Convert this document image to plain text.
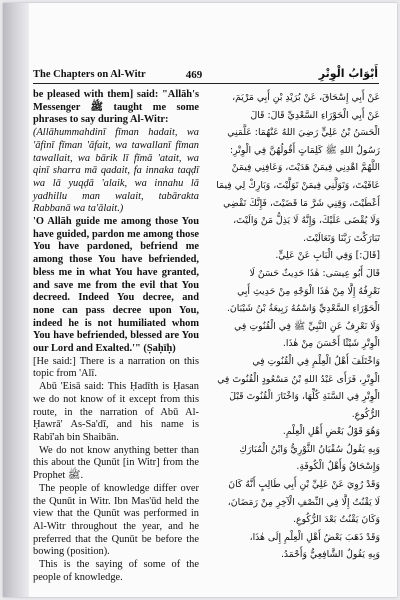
The Chapters on Al-Witr	469	أَبْوَابُ الْوِتْرِ

be pleased with them] said: "Allāh's Messenger ﷺ taught me some phrases to say during Al-Witr:

(Allāhummahdinī fīman hadait, wa 'āfinī fīman 'āfait, wa tawallanī fīman tawallait, wa bārik lī fīmā 'atait, wa qinī sharra mā qadait, fa innaka taqḍī wa lā yuqḍā 'alaik, wa innahu lā yadhillu man walait, tabārakta Rabbanā wa ta'ālait.)

'O Allāh guide me among those You have guided, pardon me among those You have pardoned, befriend me among those You have befriended, bless me in what You have granted, and save me from the evil that You decreed. Indeed You decree, and none can pass decree upon You, indeed he is not humiliated whom You have befriended, blessed are You our Lord and Exalted.'" (Ṣaḥīḥ)

[He said:] There is a narration on this topic from 'Alī.

Abū 'Eisā said: This Ḥadīth is Ḥasan we do not know of it except from this route, in the narration of Abū Al-Ḥawrā' As-Sa'dī, and his name is Rabī'ah bin Shaibān.

We do not know anything better than this about the Qunūt [in Witr] from the Prophet ﷺ.

The people of knowledge differ over the Qunūt in Witr. Ibn Mas'ūd held the view that the Qunūt was performed in Al-Witr throughout the year, and he preferred that the Qunūt be before the bowing (position).

This is the saying of some of the people of knowledge.

عَنْ أَبِي إِسْحَاقَ، عَنْ بُرَيْدِ بْنِ أَبِي مَرْيَمَ،
عَنْ أَبِي الْحَوْرَاءِ السَّعْدِيِّ قَالَ: قَالَ
الْحَسَنُ بْنُ عَلِيٍّ رَضِيَ اللهُ عَنْهُمَا: عَلَّمَنِي
رَسُولُ اللهِ ﷺ كَلِمَاتٍ أَقُولُهُنَّ فِي الْوِتْرِ:
اللَّهُمَّ اهْدِنِي فِيمَنْ هَدَيْتَ، وَعَافِنِي فِيمَنْ
عَافَيْتَ، وَتَوَلَّنِي فِيمَنْ تَوَلَّيْتَ، وَبَارِكْ لِي فِيمَا
أَعْطَيْتَ، وَقِنِي شَرَّ مَا قَضَيْتَ، فَإِنَّكَ تَقْضِي
وَلَا يُقْضَى عَلَيْكَ، وَإِنَّهُ لَا يَذِلُّ مَنْ وَالَيْتَ،
تَبَارَكْتَ رَبَّنَا وَتَعَالَيْتَ.
[قَالَ:] وَفِي الْبَابِ عَنْ عَلِيٍّ.
قَالَ أَبُو عِيسَى: هٰذَا حَدِيثٌ حَسَنٌ لَا
نَعْرِفُهُ إِلَّا مِنْ هٰذَا الْوَجْهِ مِنْ حَدِيثِ أَبِي
الْحَوْرَاءِ السَّعْدِيِّ وَاسْمُهُ رَبِيعَةُ بْنُ شَيْبَانَ.
وَلَا نَعْرِفُ عَنِ النَّبِيِّ ﷺ فِي الْقُنُوتِ فِي
الْوِتْرِ شَيْئًا أَحْسَنَ مِنْ هٰذَا.
وَاخْتَلَفَ أَهْلُ الْعِلْمِ فِي الْقُنُوتِ فِي
الْوِتْرِ، فَرَأَى عَبْدُ اللهِ بْنُ مَسْعُودٍ الْقُنُوتَ فِي
الْوِتْرِ فِي السَّنَةِ كُلِّهَا، وَاخْتَارَ الْقُنُوتَ قَبْلَ
الرُّكُوعِ.
وَهُوَ قَوْلُ بَعْضِ أَهْلِ الْعِلْمِ.
وَبِهِ يَقُولُ سُفْيَانُ الثَّوْرِيُّ وَابْنُ الْمُبَارَكِ
وَإِسْحَاقُ وَأَهْلُ الْكُوفَةِ.
وَقَدْ رُوِيَ عَنْ عَلِيِّ بْنِ أَبِي طَالِبٍ أَنَّهُ كَانَ
لَا يَقْنُتُ إِلَّا فِي النِّصْفِ الْآخِرِ مِنْ رَمَضَانَ،
وَكَانَ يَقْنُتُ بَعْدَ الرُّكُوعِ.
وَقَدْ ذَهَبَ بَعْضُ أَهْلِ الْعِلْمِ إِلَى هٰذَا،
وَبِهِ يَقُولُ الشَّافِعِيُّ وَأَحْمَدُ.
